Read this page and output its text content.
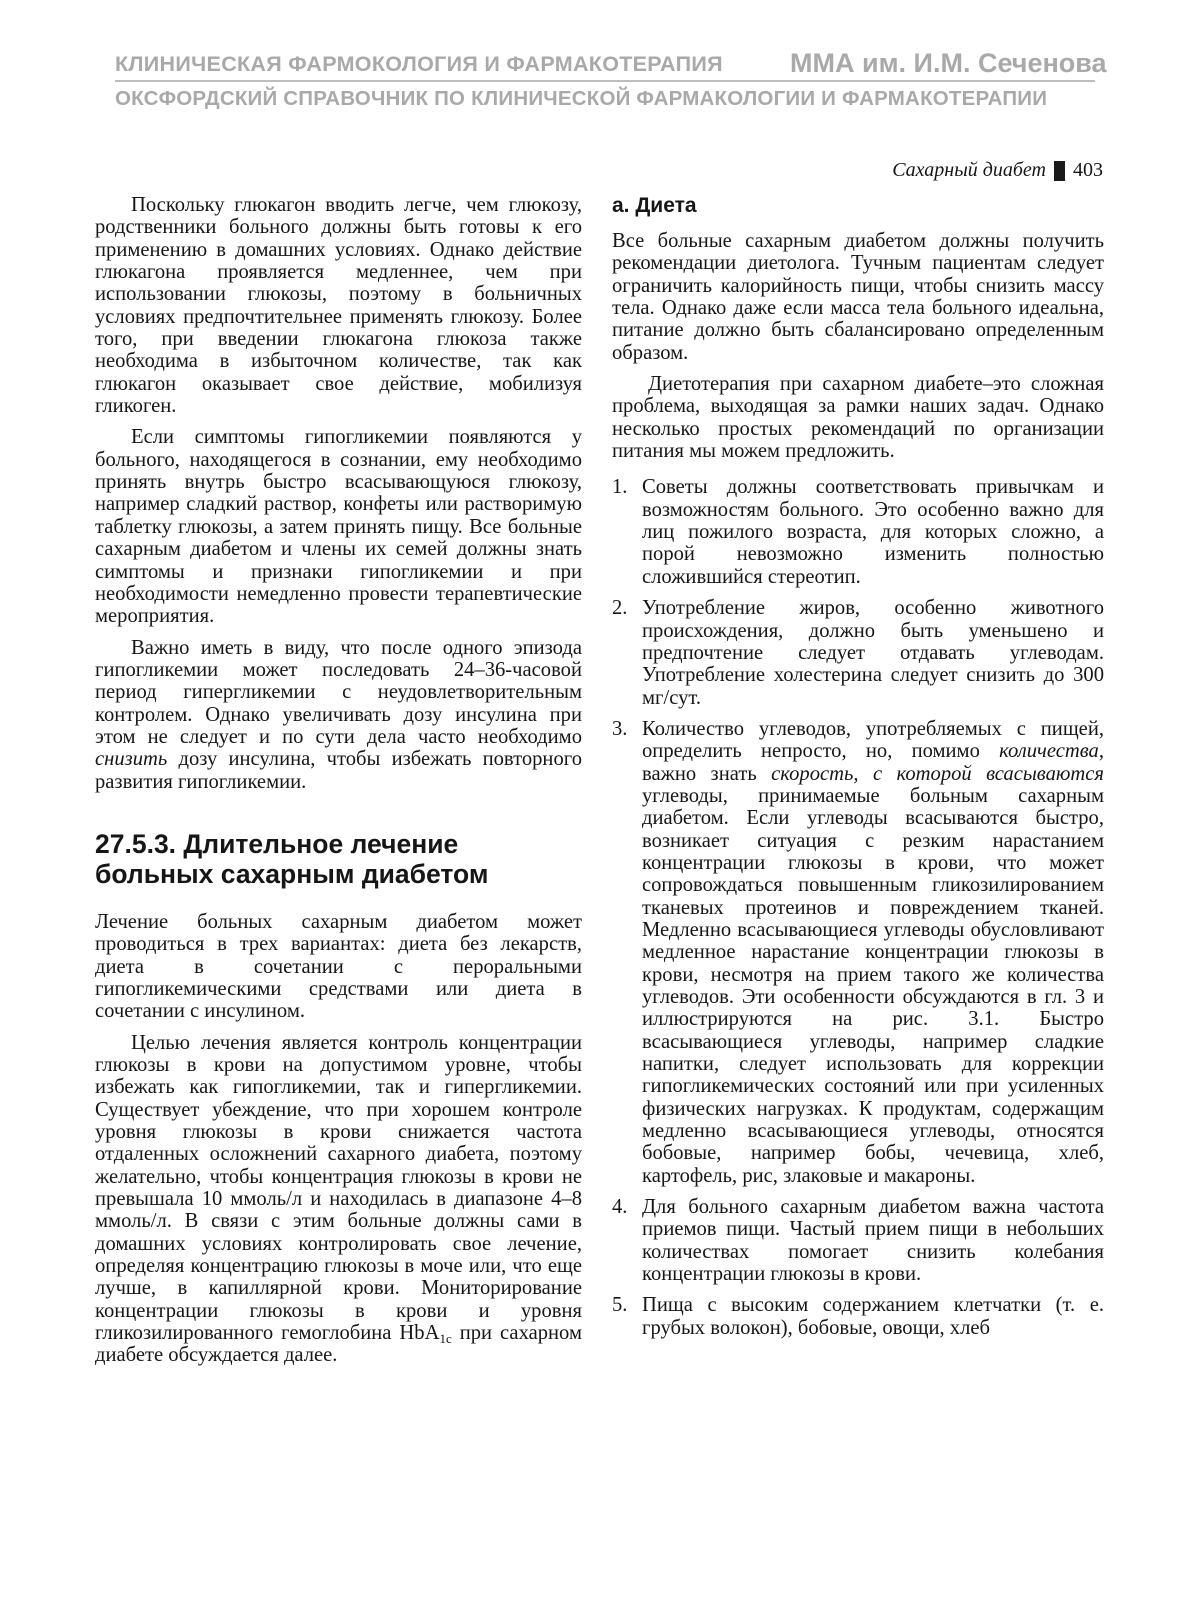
КЛИНИЧЕСКАЯ ФАРМОКОЛОГИЯ И ФАРМАКОТЕРАПИЯ ММА им. И.М. Сеченова
ОКСФОРДСКИЙ СПРАВОЧНИК ПО КЛИНИЧЕСКОЙ ФАРМАКОЛОГИИ И ФАРМАКОТЕРАПИИ
Сахарный диабет 403

Поскольку глюкагон вводить легче, чем глюкозу, родственники больного должны быть готовы к его применению в домашних условиях. Однако действие глюкагона проявляется медленнее, чем при использовании глюкозы, поэтому в больничных условиях предпочтительнее применять глюкозу. Более того, при введении глюкагона глюкоза также необходима в избыточном количестве, так как глюкагон оказывает свое действие, мобилизуя гликоген.

Если симптомы гипогликемии появляются у больного, находящегося в сознании, ему необходимо принять внутрь быстро всасывающуюся глюкозу, например сладкий раствор, конфеты или растворимую таблетку глюкозы, а затем принять пищу. Все больные сахарным диабетом и члены их семей должны знать симптомы и признаки гипогликемии и при необходимости немедленно провести терапевтические мероприятия.

Важно иметь в виду, что после одного эпизода гипогликемии может последовать 24–36-часовой период гипергликемии с неудовлетворительным контролем. Однако увеличивать дозу инсулина при этом не следует и по сути дела часто необходимо снизить дозу инсулина, чтобы избежать повторного развития гипогликемии.

27.5.3. Длительное лечение больных сахарным диабетом

Лечение больных сахарным диабетом может проводиться в трех вариантах: диета без лекарств, диета в сочетании с пероральными гипогликемическими средствами или диета в сочетании с инсулином.

Целью лечения является контроль концентрации глюкозы в крови на допустимом уровне, чтобы избежать как гипогликемии, так и гипергликемии. Существует убеждение, что при хорошем контроле уровня глюкозы в крови снижается частота отдаленных осложнений сахарного диабета, поэтому желательно, чтобы концентрация глюкозы в крови не превышала 10 ммоль/л и находилась в диапазоне 4–8 ммоль/л. В связи с этим больные должны сами в домашних условиях контролировать свое лечение, определяя концентрацию глюкозы в моче или, что еще лучше, в капиллярной крови. Мониторирование концентрации глюкозы в крови и уровня гликозилированного гемоглобина HbA$_{1c}$ при сахарном диабете обсуждается далее.

а. Диета

Все больные сахарным диабетом должны получить рекомендации диетолога. Тучным пациентам следует ограничить калорийность пищи, чтобы снизить массу тела. Однако даже если масса тела больного идеальна, питание должно быть сбалансировано определенным образом.

Диетотерапия при сахарном диабете–это сложная проблема, выходящая за рамки наших задач. Однако несколько простых рекомендаций по организации питания мы можем предложить.

1. Советы должны соответствовать привычкам и возможностям больного. Это особенно важно для лиц пожилого возраста, для которых сложно, а порой невозможно изменить полностью сложившийся стереотип.
2. Употребление жиров, особенно животного происхождения, должно быть уменьшено и предпочтение следует отдавать углеводам. Употребление холестерина следует снизить до 300 мг/сут.
3. Количество углеводов, употребляемых с пищей, определить непросто, но, помимо количества, важно знать скорость, с которой всасываются углеводы, принимаемые больным сахарным диабетом. Если углеводы всасываются быстро, возникает ситуация с резким нарастанием концентрации глюкозы в крови, что может сопровождаться повышенным гликозилированием тканевых протеинов и повреждением тканей. Медленно всасывающиеся углеводы обусловливают медленное нарастание концентрации глюкозы в крови, несмотря на прием такого же количества углеводов. Эти особенности обсуждаются в гл. 3 и иллюстрируются на рис. 3.1. Быстро всасывающиеся углеводы, например сладкие напитки, следует использовать для коррекции гипогликемических состояний или при усиленных физических нагрузках. К продуктам, содержащим медленно всасывающиеся углеводы, относятся бобовые, например бобы, чечевица, хлеб, картофель, рис, злаковые и макароны.
4. Для больного сахарным диабетом важна частота приемов пищи. Частый прием пищи в небольших количествах помогает снизить колебания концентрации глюкозы в крови.
5. Пища с высоким содержанием клетчатки (т. е. грубых волокон), бобовые, овощи, хлеб
